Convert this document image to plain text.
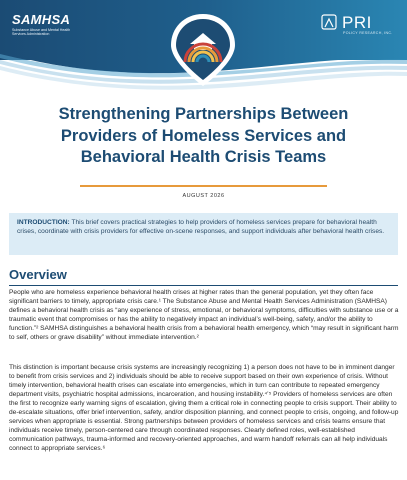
SAMHSA
Substance Abuse and Mental Health Services Administration
PRI
POLICY RESEARCH, INC.
Strengthening Partnerships Between Providers of Homeless Services and Behavioral Health Crisis Teams
AUGUST 2026
INTRODUCTION: This brief covers practical strategies to help providers of homeless services prepare for behavioral health crises, coordinate with crisis providers for effective on-scene responses, and support individuals after behavioral health crises.
Overview

People who are homeless experience behavioral health crises at higher rates than the general population, yet they often face significant barriers to timely, appropriate crisis care.¹ The Substance Abuse and Mental Health Services Administration (SAMHSA) defines a behavioral health crisis as “any experience of stress, emotional, or behavioral symptoms, difficulties with substance use or a traumatic event that compromises or has the ability to negatively impact an individual’s well-being, safety, and/or the ability to function.”² SAMHSA distinguishes a behavioral health crisis from a behavioral health emergency, which “may result in significant harm to self, others or grave disability” without immediate intervention.²

This distinction is important because crisis systems are increasingly recognizing 1) a person does not have to be in imminent danger to benefit from crisis services and 2) individuals should be able to receive support based on their own experience of crisis. Without timely intervention, behavioral health crises can escalate into emergencies, which in turn can contribute to repeated emergency department visits, psychiatric hospital admissions, incarceration, and housing instability.⁴ʼ⁵ Providers of homeless services are often the first to recognize early warning signs of escalation, giving them a critical role in connecting people to crisis support. Their ability to de-escalate situations, offer brief intervention, safety, and/or disposition planning, and connect people to crisis, ongoing, and follow-up services when appropriate is essential. Strong partnerships between providers of homeless services and crisis teams ensure that individuals receive timely, person-centered care through coordinated responses. Clearly defined roles, well-established communication pathways, trauma-informed and recovery-oriented approaches, and warm handoff referrals can all help individuals connect to appropriate services.⁶
